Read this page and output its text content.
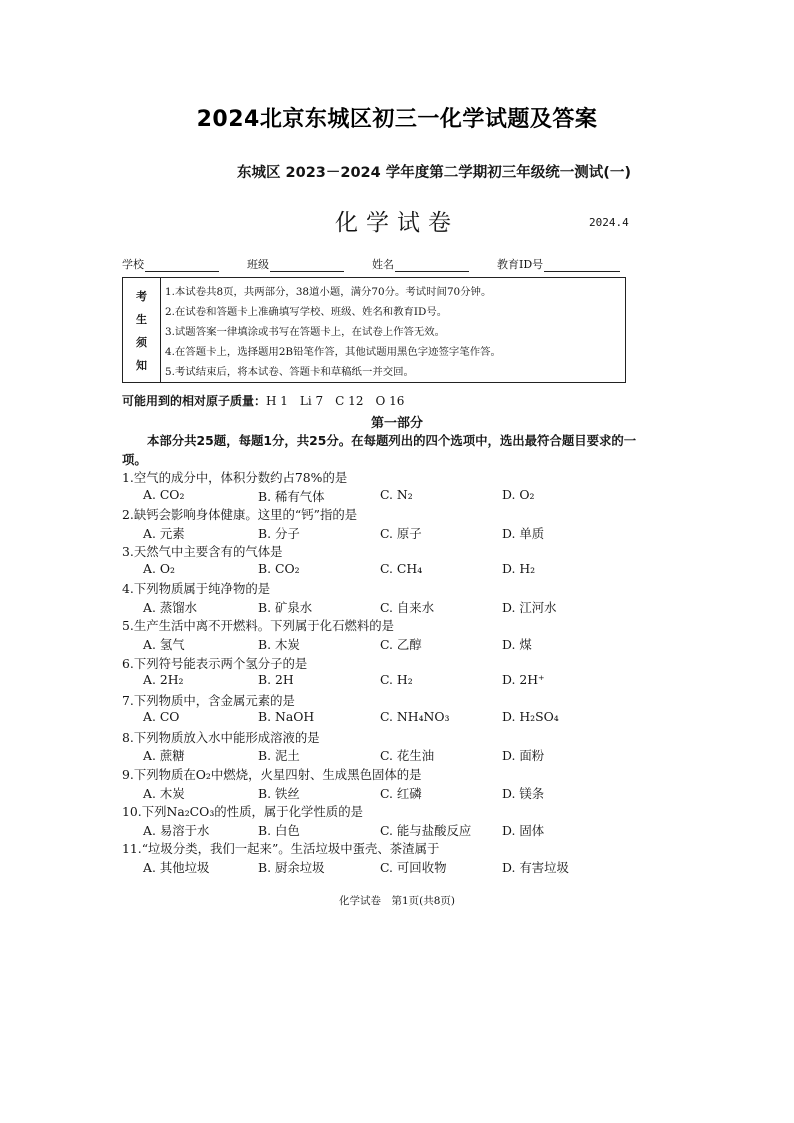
2024北京东城区初三一化学试题及答案
东城区 2023－2024 学年度第二学期初三年级统一测试(一)
化学试卷	2024.4
学校	班级	姓名	教育ID号
考
生
须
知
1.本试卷共8页，共两部分，38道小题，满分70分。考试时间70分钟。
2.在试卷和答题卡上准确填写学校、班级、姓名和教育ID号。
3.试题答案一律填涂或书写在答题卡上，在试卷上作答无效。
4.在答题卡上，选择题用2B铅笔作答，其他试题用黑色字迹签字笔作答。
5.考试结束后，将本试卷、答题卡和草稿纸一并交回。
可能用到的相对原子质量：H 1　Li 7　C 12　O 16
第一部分
本部分共25题，每题1分，共25分。在每题列出的四个选项中，选出最符合题目要求的一项。
1.空气的成分中，体积分数约占78%的是
A. CO₂	B. 稀有气体	C. N₂	D. O₂
2.缺钙会影响身体健康。这里的“钙”指的是
A. 元素	B. 分子	C. 原子	D. 单质
3.天然气中主要含有的气体是
A. O₂	B. CO₂	C. CH₄	D. H₂
4.下列物质属于纯净物的是
A. 蒸馏水	B. 矿泉水	C. 自来水	D. 江河水
5.生产生活中离不开燃料。下列属于化石燃料的是
A. 氢气	B. 木炭	C. 乙醇	D. 煤
6.下列符号能表示两个氢分子的是
A. 2H₂	B. 2H	C. H₂	D. 2H⁺
7.下列物质中，含金属元素的是
A. CO	B. NaOH	C. NH₄NO₃	D. H₂SO₄
8.下列物质放入水中能形成溶液的是
A. 蔗糖	B. 泥土	C. 花生油	D. 面粉
9.下列物质在O₂中燃烧，火星四射、生成黑色固体的是
A. 木炭	B. 铁丝	C. 红磷	D. 镁条
10.下列Na₂CO₃的性质，属于化学性质的是
A. 易溶于水	B. 白色	C. 能与盐酸反应 D. 固体
11.“垃圾分类，我们一起来”。生活垃圾中蛋壳、茶渣属于
A. 其他垃圾	B. 厨余垃圾	C. 可回收物	D. 有害垃圾
化学试卷　第1页(共8页)
